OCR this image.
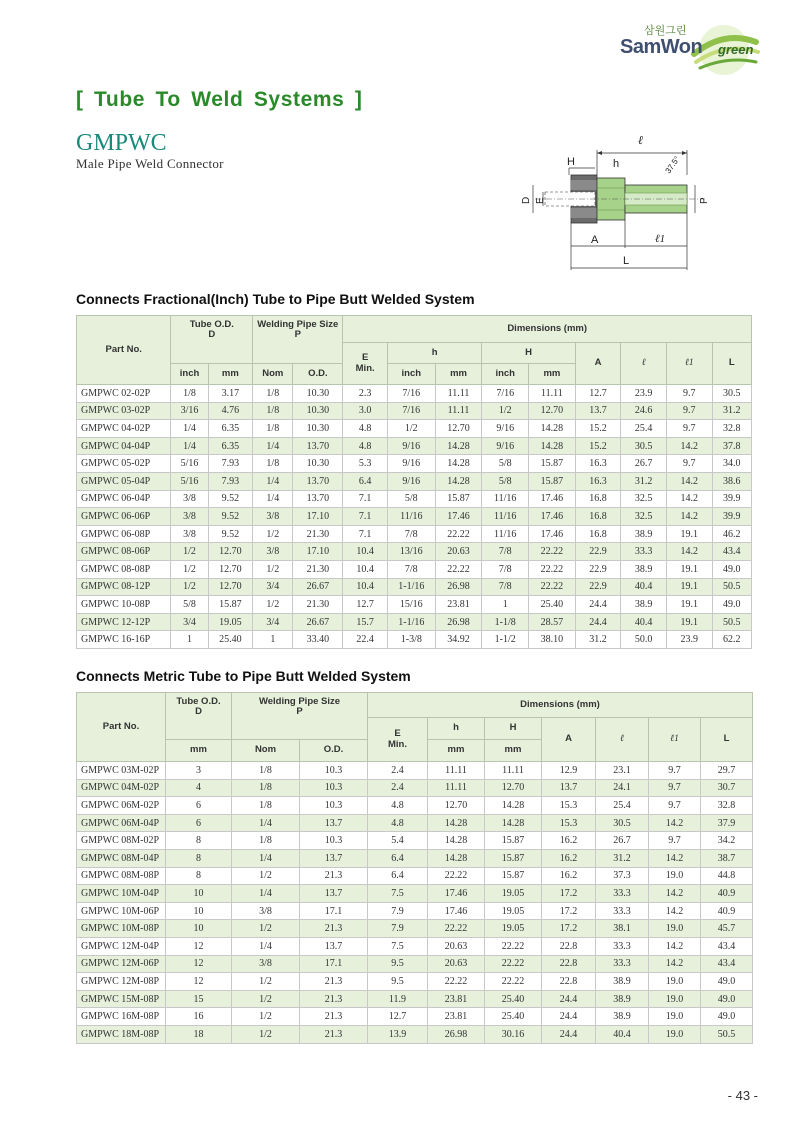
삼원그린
SamWon green
[ Tube To Weld Systems ]
GMPWC
Male Pipe Weld Connector
ℓ
H	h	37.5°
D E	P
A	ℓ1
L
Connects Fractional(Inch) Tube to Pipe Butt Welded System
Part No.	Tube O.D.
D		Welding Pipe Size
P		Dimensions (mm)								
					E
Min.	h		H		A	ℓ	ℓ1	L
	inch	mm	Nom	O.D.		inch	mm	inch	mm				
GMPWC 02-02P	1/8	3.17	1/8	10.30	2.3	7/16	11.11	7/16	11.11	12.7	23.9	9.7	30.5
GMPWC 03-02P	3/16	4.76	1/8	10.30	3.0	7/16	11.11	1/2	12.70	13.7	24.6	9.7	31.2
GMPWC 04-02P	1/4	6.35	1/8	10.30	4.8	1/2	12.70	9/16	14.28	15.2	25.4	9.7	32.8
GMPWC 04-04P	1/4	6.35	1/4	13.70	4.8	9/16	14.28	9/16	14.28	15.2	30.5	14.2	37.8
GMPWC 05-02P	5/16	7.93	1/8	10.30	5.3	9/16	14.28	5/8	15.87	16.3	26.7	9.7	34.0
GMPWC 05-04P	5/16	7.93	1/4	13.70	6.4	9/16	14.28	5/8	15.87	16.3	31.2	14.2	38.6
GMPWC 06-04P	3/8	9.52	1/4	13.70	7.1	5/8	15.87	11/16	17.46	16.8	32.5	14.2	39.9
GMPWC 06-06P	3/8	9.52	3/8	17.10	7.1	11/16	17.46	11/16	17.46	16.8	32.5	14.2	39.9
GMPWC 06-08P	3/8	9.52	1/2	21.30	7.1	7/8	22.22	11/16	17.46	16.8	38.9	19.1	46.2
GMPWC 08-06P	1/2	12.70	3/8	17.10	10.4	13/16	20.63	7/8	22.22	22.9	33.3	14.2	43.4
GMPWC 08-08P	1/2	12.70	1/2	21.30	10.4	7/8	22.22	7/8	22.22	22.9	38.9	19.1	49.0
GMPWC 08-12P	1/2	12.70	3/4	26.67	10.4	1-1/16	26.98	7/8	22.22	22.9	40.4	19.1	50.5
GMPWC 10-08P	5/8	15.87	1/2	21.30	12.7	15/16	23.81	1	25.40	24.4	38.9	19.1	49.0
GMPWC 12-12P	3/4	19.05	3/4	26.67	15.7	1-1/16	26.98	1-1/8	28.57	24.4	40.4	19.1	50.5
GMPWC 16-16P	1	25.40	1	33.40	22.4	1-3/8	34.92	1-1/2	38.10	31.2	50.0	23.9	62.2
Connects Metric Tube to Pipe Butt Welded System
Part No.	Tube O.D.
D	Welding Pipe Size
P		Dimensions (mm)						
				E
Min.	h	H	A	ℓ	ℓ1	L
	mm	Nom	O.D.		mm	mm				
GMPWC 03M-02P	3	1/8	10.3	2.4	11.11	11.11	12.9	23.1	9.7	29.7
GMPWC 04M-02P	4	1/8	10.3	2.4	11.11	12.70	13.7	24.1	9.7	30.7
GMPWC 06M-02P	6	1/8	10.3	4.8	12.70	14.28	15.3	25.4	9.7	32.8
GMPWC 06M-04P	6	1/4	13.7	4.8	14.28	14.28	15.3	30.5	14.2	37.9
GMPWC 08M-02P	8	1/8	10.3	5.4	14.28	15.87	16.2	26.7	9.7	34.2
GMPWC 08M-04P	8	1/4	13.7	6.4	14.28	15.87	16.2	31.2	14.2	38.7
GMPWC 08M-08P	8	1/2	21.3	6.4	22.22	15.87	16.2	37.3	19.0	44.8
GMPWC 10M-04P	10	1/4	13.7	7.5	17.46	19.05	17.2	33.3	14.2	40.9
GMPWC 10M-06P	10	3/8	17.1	7.9	17.46	19.05	17.2	33.3	14.2	40.9
GMPWC 10M-08P	10	1/2	21.3	7.9	22.22	19.05	17.2	38.1	19.0	45.7
GMPWC 12M-04P	12	1/4	13.7	7.5	20.63	22.22	22.8	33.3	14.2	43.4
GMPWC 12M-06P	12	3/8	17.1	9.5	20.63	22.22	22.8	33.3	14.2	43.4
GMPWC 12M-08P	12	1/2	21.3	9.5	22.22	22.22	22.8	38.9	19.0	49.0
GMPWC 15M-08P	15	1/2	21.3	11.9	23.81	25.40	24.4	38.9	19.0	49.0
GMPWC 16M-08P	16	1/2	21.3	12.7	23.81	25.40	24.4	38.9	19.0	49.0
GMPWC 18M-08P	18	1/2	21.3	13.9	26.98	30.16	24.4	40.4	19.0	50.5
- 43 -
